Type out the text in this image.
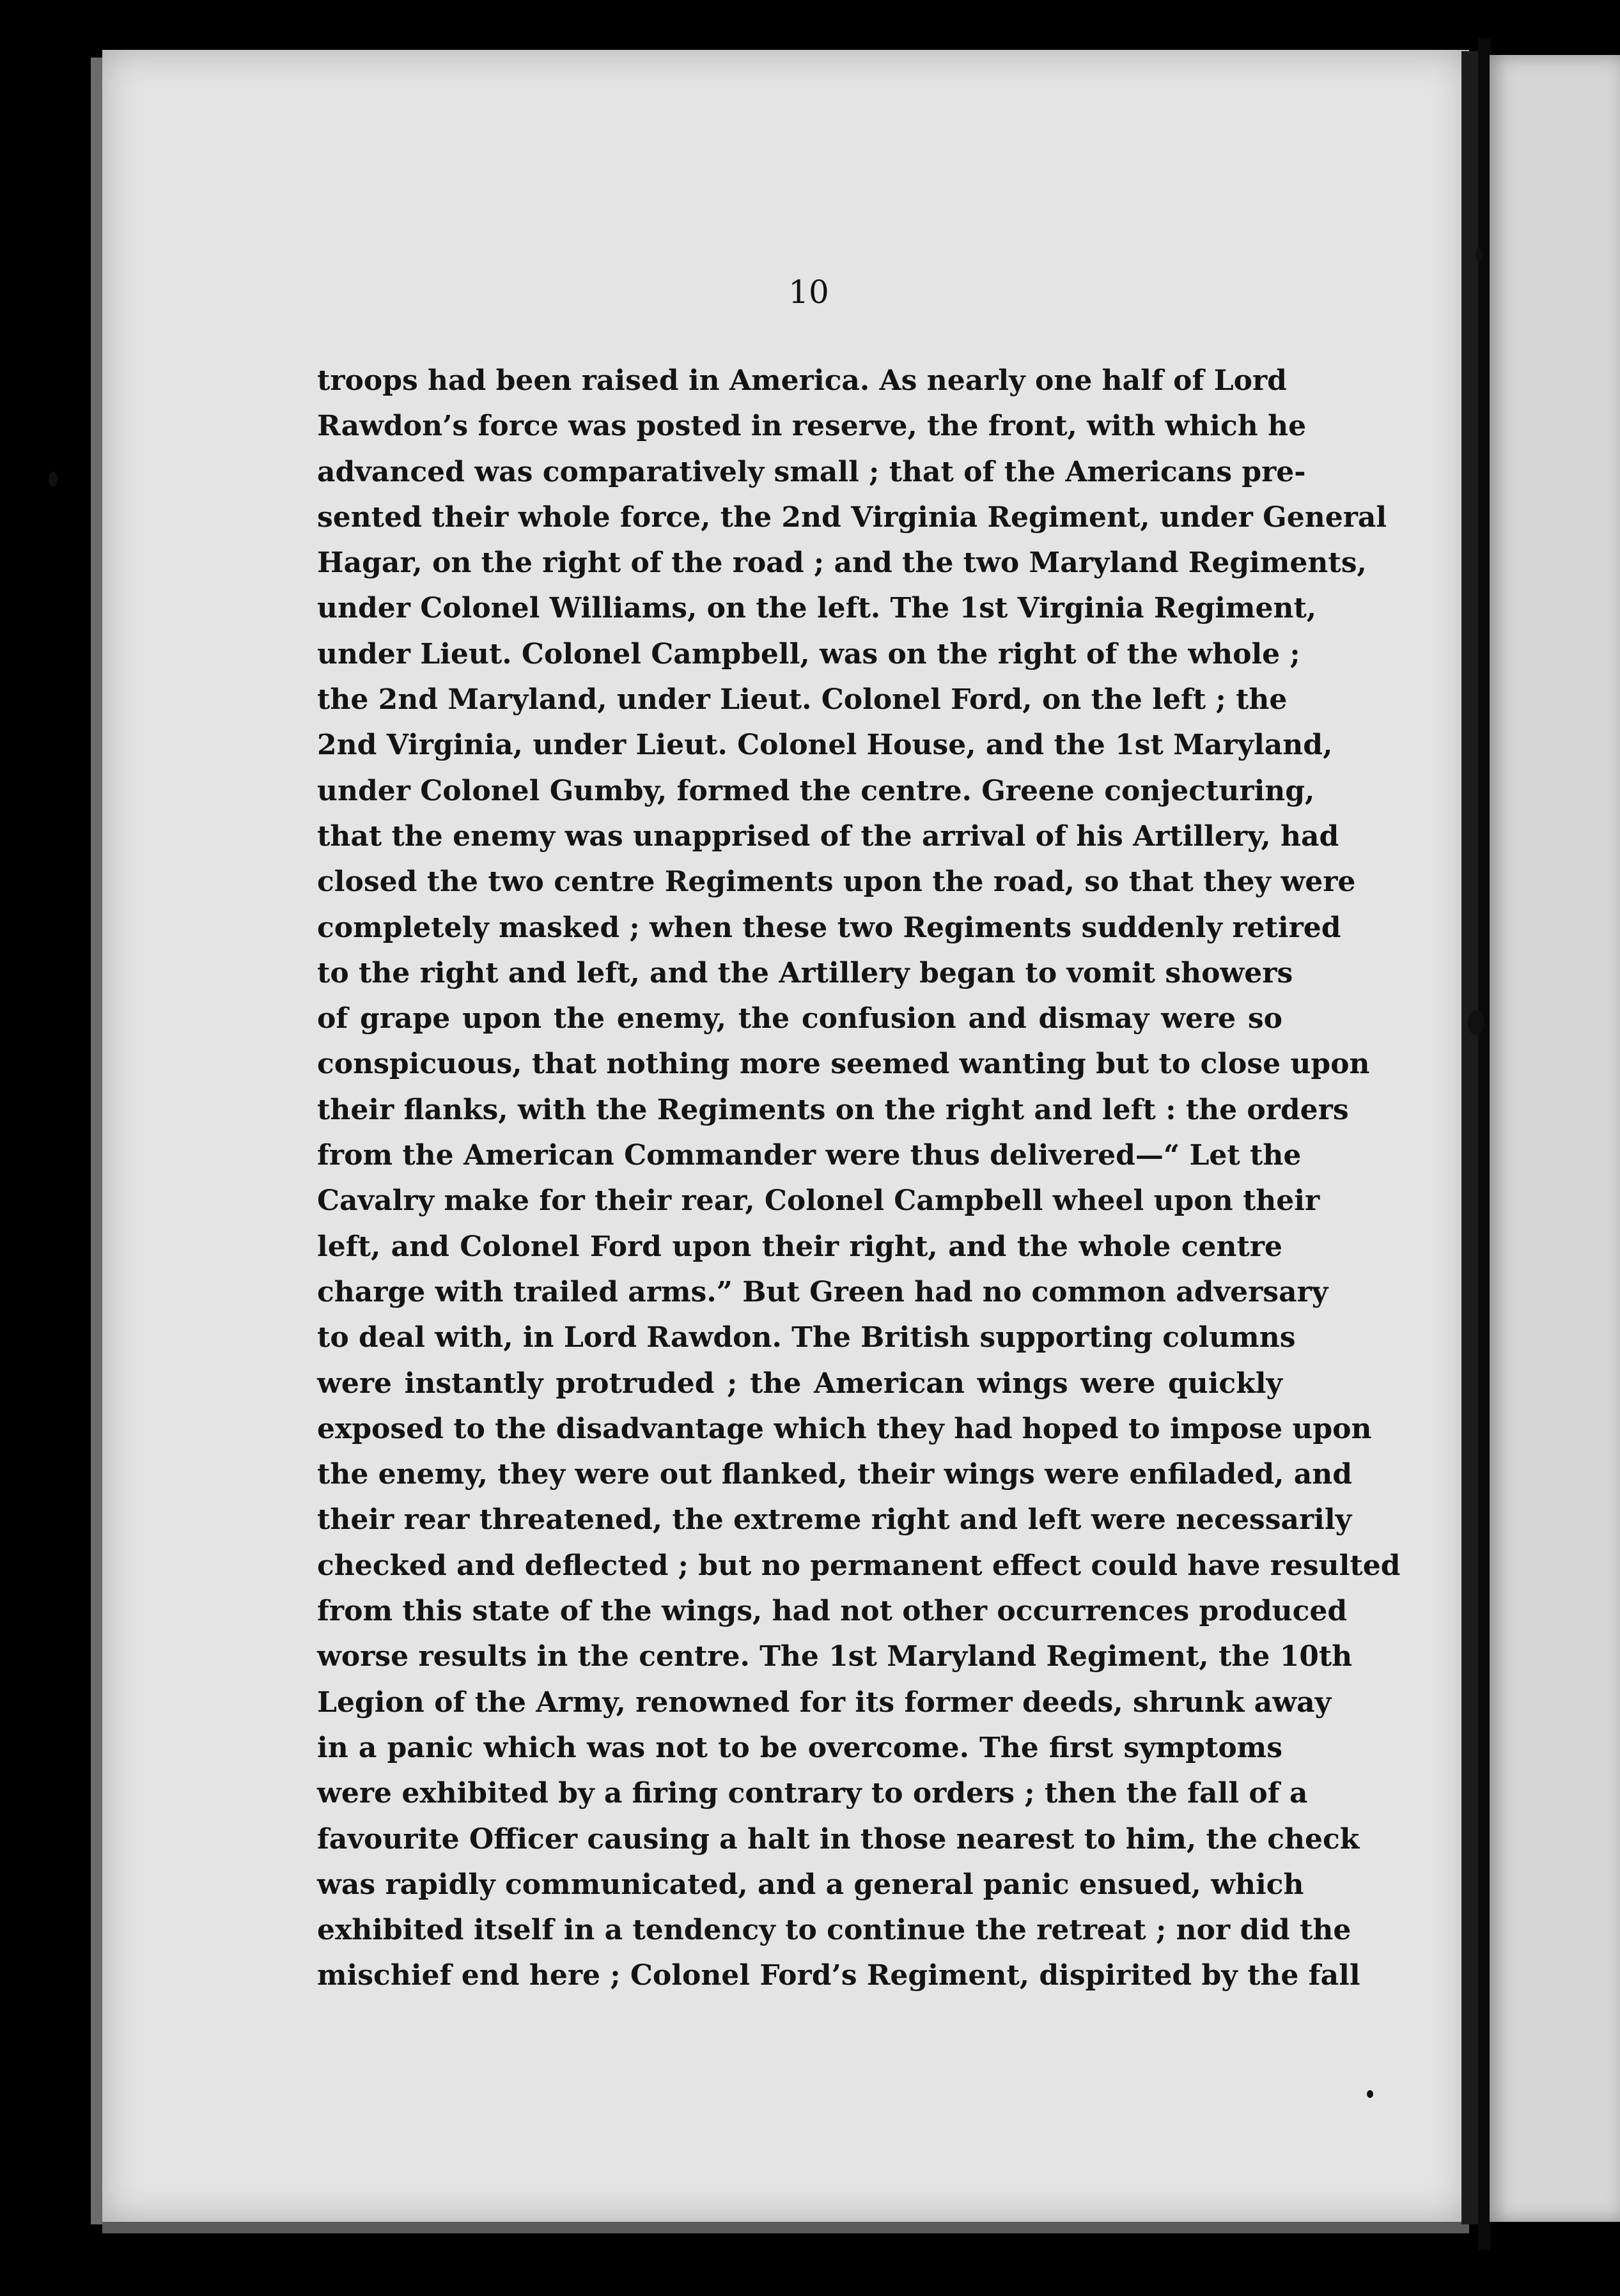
10
troops had been raised in America. As nearly one half of Lord
Rawdon’s force was posted in reserve, the front, with which he
advanced was comparatively small ; that of the Americans pre-
sented their whole force, the 2nd Virginia Regiment, under General
Hagar, on the right of the road ; and the two Maryland Regiments,
under Colonel Williams, on the left. The 1st Virginia Regiment,
under Lieut. Colonel Campbell, was on the right of the whole ;
the 2nd Maryland, under Lieut. Colonel Ford, on the left ; the
2nd Virginia, under Lieut. Colonel House, and the 1st Maryland,
under Colonel Gumby, formed the centre. Greene conjecturing,
that the enemy was unapprised of the arrival of his Artillery, had
closed the two centre Regiments upon the road, so that they were
completely masked ; when these two Regiments suddenly retired
to the right and left, and the Artillery began to vomit showers
of grape upon the enemy, the confusion and dismay were so
conspicuous, that nothing more seemed wanting but to close upon
their flanks, with the Regiments on the right and left : the orders
from the American Commander were thus delivered—“ Let the
Cavalry make for their rear, Colonel Campbell wheel upon their
left, and Colonel Ford upon their right, and the whole centre
charge with trailed arms.” But Green had no common adversary
to deal with, in Lord Rawdon. The British supporting columns
were instantly protruded ; the American wings were quickly
exposed to the disadvantage which they had hoped to impose upon
the enemy, they were out flanked, their wings were enfiladed, and
their rear threatened, the extreme right and left were necessarily
checked and deflected ; but no permanent effect could have resulted
from this state of the wings, had not other occurrences produced
worse results in the centre. The 1st Maryland Regiment, the 10th
Legion of the Army, renowned for its former deeds, shrunk away
in a panic which was not to be overcome. The first symptoms
were exhibited by a firing contrary to orders ; then the fall of a
favourite Officer causing a halt in those nearest to him, the check
was rapidly communicated, and a general panic ensued, which
exhibited itself in a tendency to continue the retreat ; nor did the
mischief end here ; Colonel Ford’s Regiment, dispirited by the fall
